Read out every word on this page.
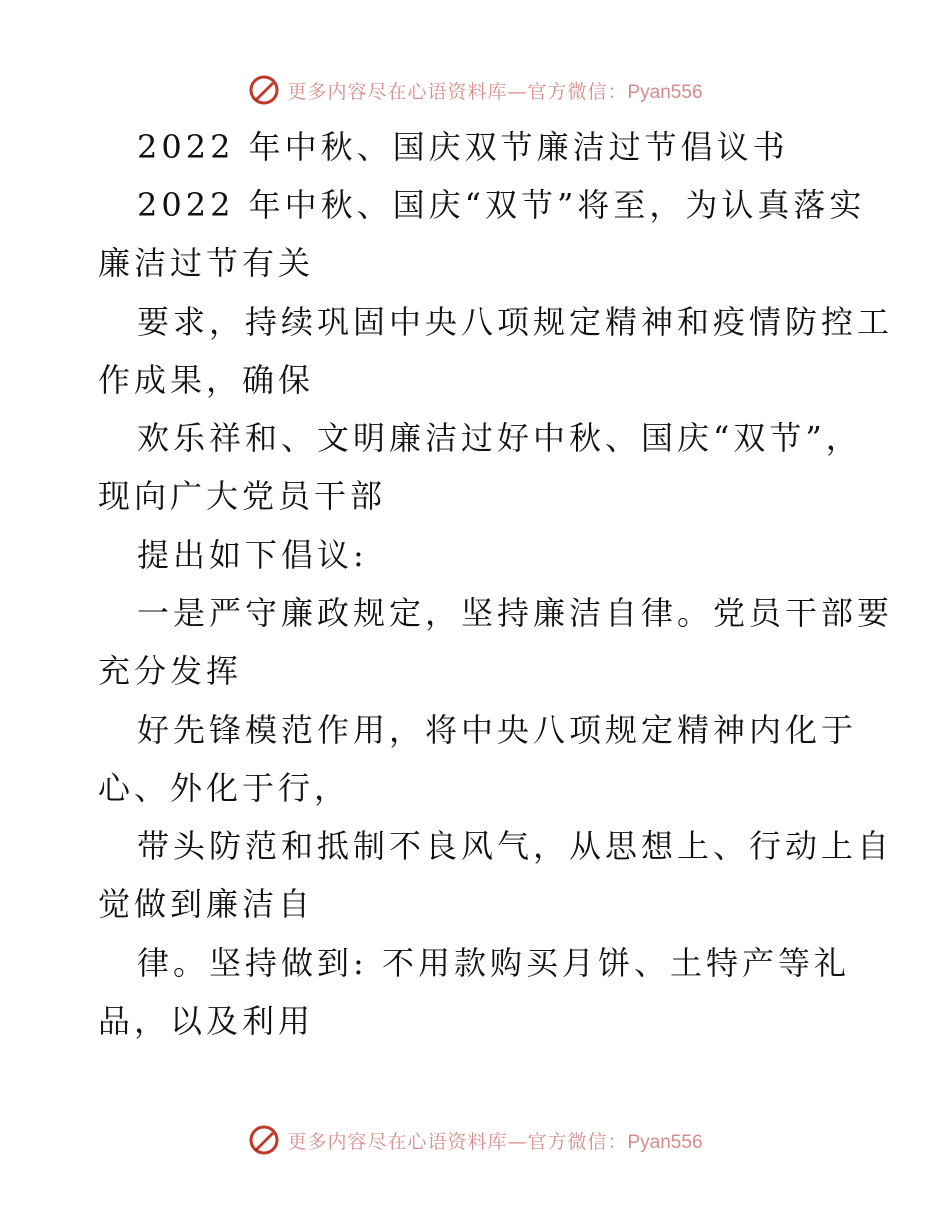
更多内容尽在心语资料库—官方微信：Pyan556
2022 年中秋、国庆双节廉洁过节倡议书
2022 年中秋、国庆“双节”将至，为认真落实
廉洁过节有关
要求，持续巩固中央八项规定精神和疫情防控工
作成果，确保
欢乐祥和、文明廉洁过好中秋、国庆“双节”，
现向广大党员干部
提出如下倡议:
一是严守廉政规定，坚持廉洁自律。党员干部要
充分发挥
好先锋模范作用，将中央八项规定精神内化于
心、外化于行，
带头防范和抵制不良风气，从思想上、行动上自
觉做到廉洁自
律。坚持做到: 不用款购买月饼、土特产等礼
品，以及利用
更多内容尽在心语资料库—官方微信：Pyan556
